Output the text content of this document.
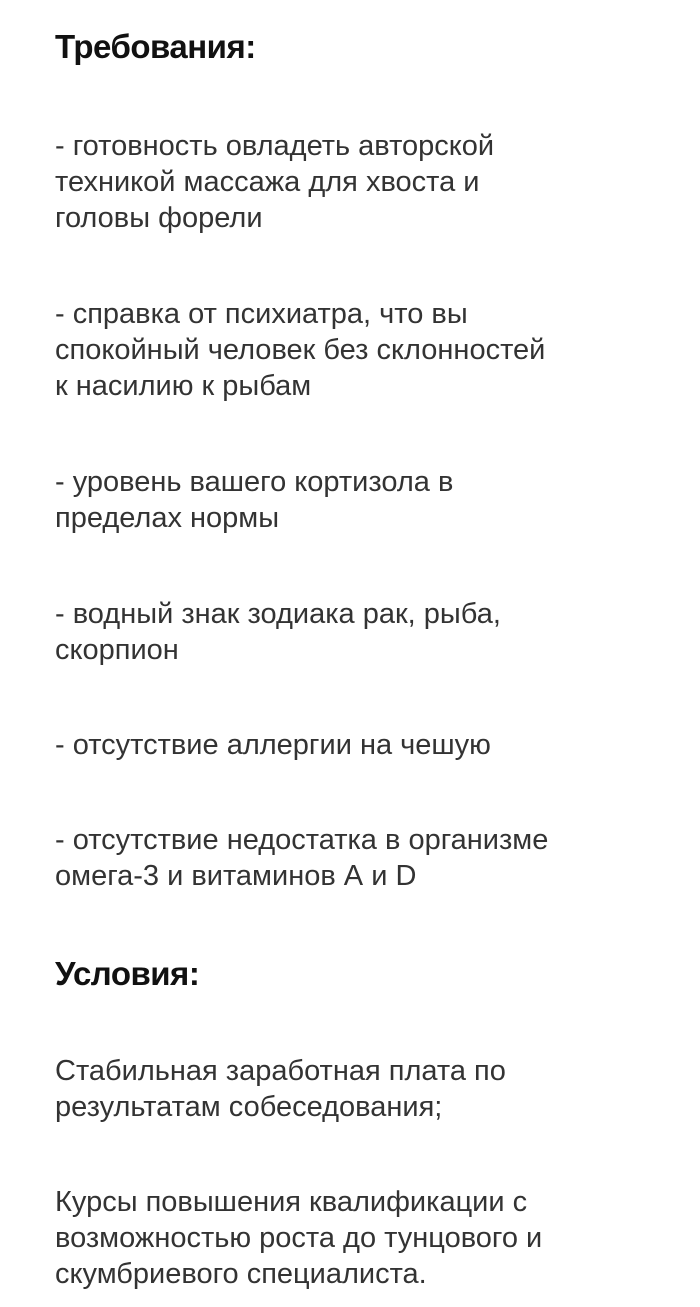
Требования:
- готовность овладеть авторской
техникой массажа для хвоста и
головы форели
- справка от психиатра, что вы
спокойный человек без склонностей
к насилию к рыбам
- уровень вашего кортизола в
пределах нормы
- водный знак зодиака рак, рыба,
скорпион
- отсутствие аллергии на чешую
- отсутствие недостатка в организме
омега-3 и витаминов А и D
Условия:
Стабильная заработная плата по
результатам собеседования;
Курсы повышения квалификации с
возможностью роста до тунцового и
скумбриевого специалиста.
